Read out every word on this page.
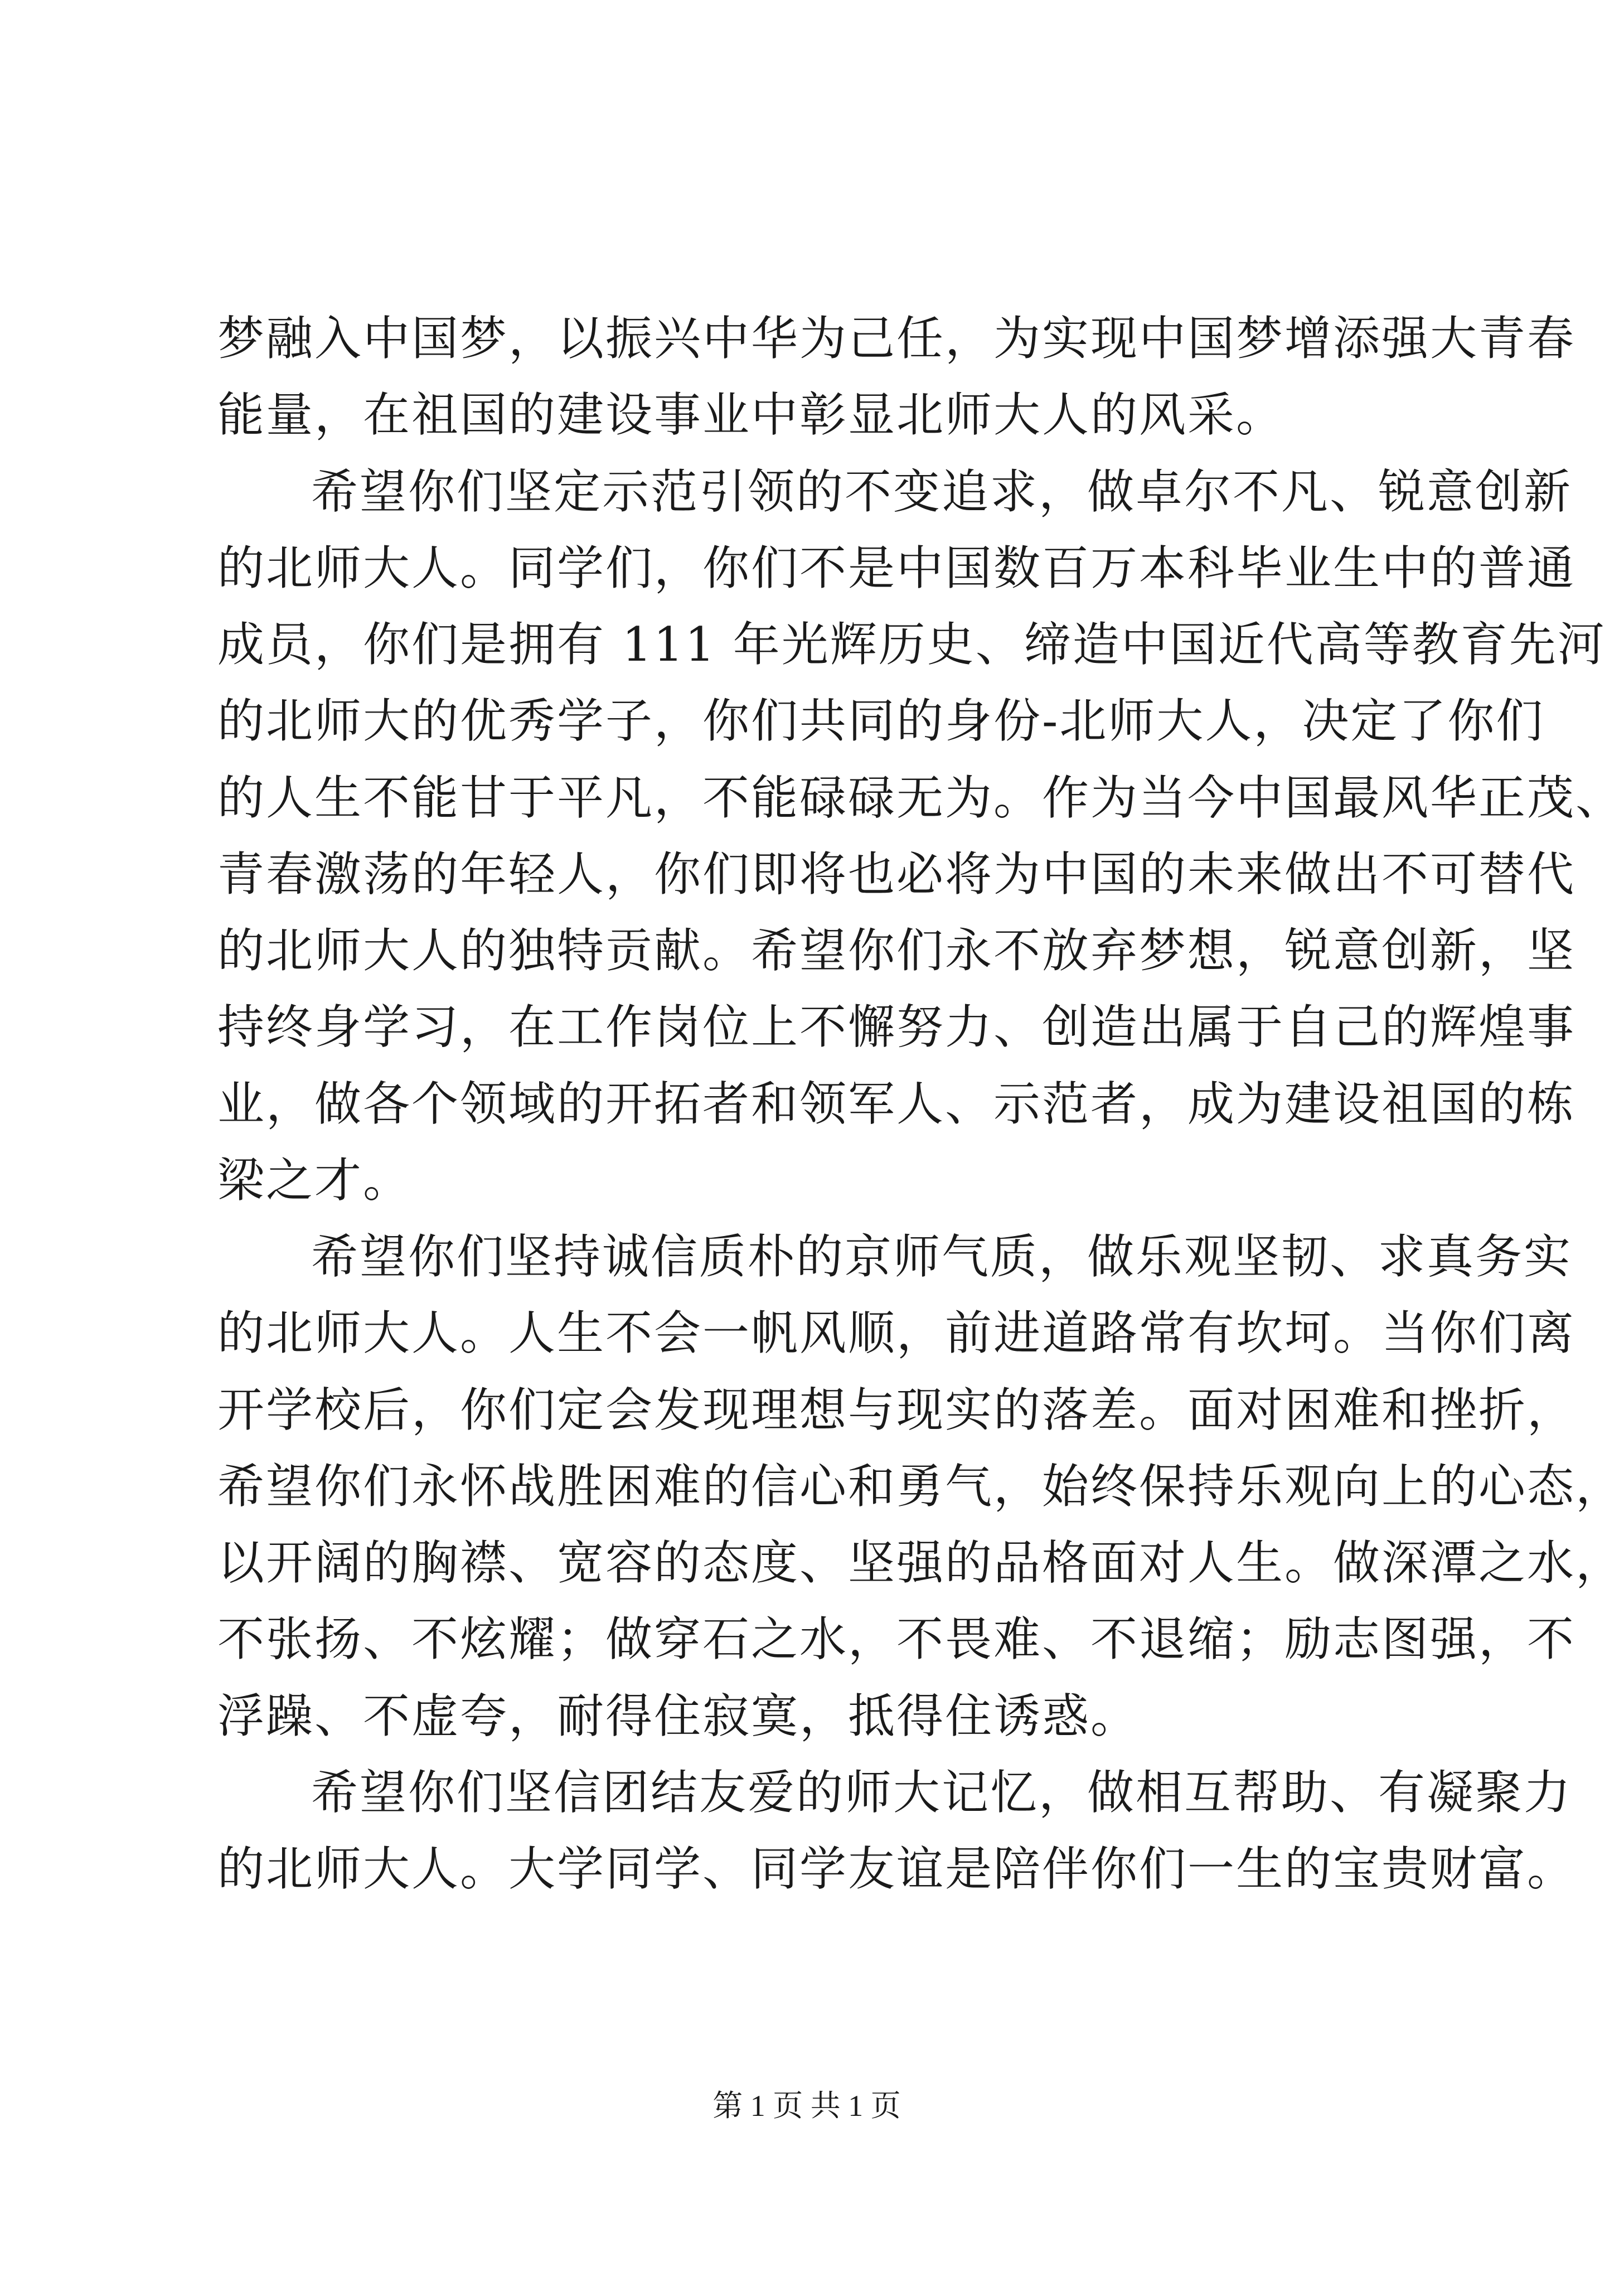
梦融入中国梦，以振兴中华为己任，为实现中国梦增添强大青春
能量，在祖国的建设事业中彰显北师大人的风采。
希望你们坚定示范引领的不变追求，做卓尔不凡、锐意创新
的北师大人。同学们，你们不是中国数百万本科毕业生中的普通
成员，你们是拥有 111 年光辉历史、缔造中国近代高等教育先河
的北师大的优秀学子，你们共同的身份-北师大人，决定了你们
的人生不能甘于平凡，不能碌碌无为。作为当今中国最风华正茂、
青春激荡的年轻人，你们即将也必将为中国的未来做出不可替代
的北师大人的独特贡献。希望你们永不放弃梦想，锐意创新，坚
持终身学习，在工作岗位上不懈努力、创造出属于自己的辉煌事
业，做各个领域的开拓者和领军人、示范者，成为建设祖国的栋
梁之才。
希望你们坚持诚信质朴的京师气质，做乐观坚韧、求真务实
的北师大人。人生不会一帆风顺，前进道路常有坎坷。当你们离
开学校后，你们定会发现理想与现实的落差。面对困难和挫折，
希望你们永怀战胜困难的信心和勇气，始终保持乐观向上的心态，
以开阔的胸襟、宽容的态度、坚强的品格面对人生。做深潭之水，
不张扬、不炫耀；做穿石之水，不畏难、不退缩；励志图强，不
浮躁、不虚夸，耐得住寂寞，抵得住诱惑。
希望你们坚信团结友爱的师大记忆，做相互帮助、有凝聚力
的北师大人。大学同学、同学友谊是陪伴你们一生的宝贵财富。
第 1 页 共 1 页
